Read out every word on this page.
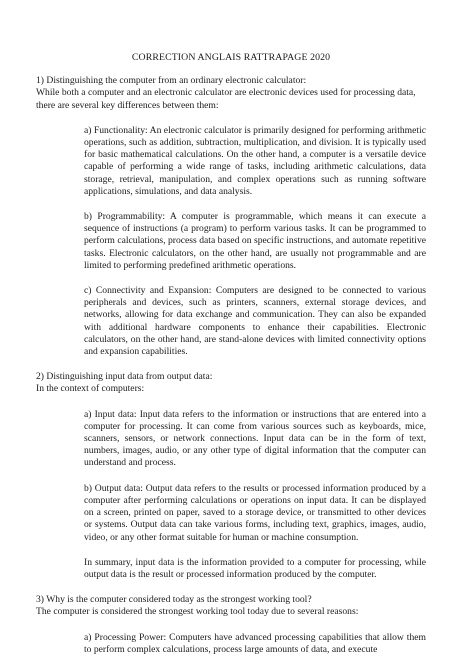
CORRECTION ANGLAIS RATTRAPAGE 2020

1) Distinguishing the computer from an ordinary electronic calculator:

While both a computer and an electronic calculator are electronic devices used for processing data, there are several key differences between them:

a) Functionality: An electronic calculator is primarily designed for performing arithmetic operations, such as addition, subtraction, multiplication, and division. It is typically used for basic mathematical calculations. On the other hand, a computer is a versatile device capable of performing a wide range of tasks, including arithmetic calculations, data storage, retrieval, manipulation, and complex operations such as running software applications, simulations, and data analysis.

b) Programmability: A computer is programmable, which means it can execute a sequence of instructions (a program) to perform various tasks. It can be programmed to perform calculations, process data based on specific instructions, and automate repetitive tasks. Electronic calculators, on the other hand, are usually not programmable and are limited to performing predefined arithmetic operations.

c) Connectivity and Expansion: Computers are designed to be connected to various peripherals and devices, such as printers, scanners, external storage devices, and networks, allowing for data exchange and communication. They can also be expanded with additional hardware components to enhance their capabilities. Electronic calculators, on the other hand, are stand-alone devices with limited connectivity options and expansion capabilities.

2) Distinguishing input data from output data:

In the context of computers:

a) Input data: Input data refers to the information or instructions that are entered into a computer for processing. It can come from various sources such as keyboards, mice, scanners, sensors, or network connections. Input data can be in the form of text, numbers, images, audio, or any other type of digital information that the computer can understand and process.

b) Output data: Output data refers to the results or processed information produced by a computer after performing calculations or operations on input data. It can be displayed on a screen, printed on paper, saved to a storage device, or transmitted to other devices or systems. Output data can take various forms, including text, graphics, images, audio, video, or any other format suitable for human or machine consumption.

In summary, input data is the information provided to a computer for processing, while output data is the result or processed information produced by the computer.

3) Why is the computer considered today as the strongest working tool?

The computer is considered the strongest working tool today due to several reasons:

a) Processing Power: Computers have advanced processing capabilities that allow them to perform complex calculations, process large amounts of data, and execute
